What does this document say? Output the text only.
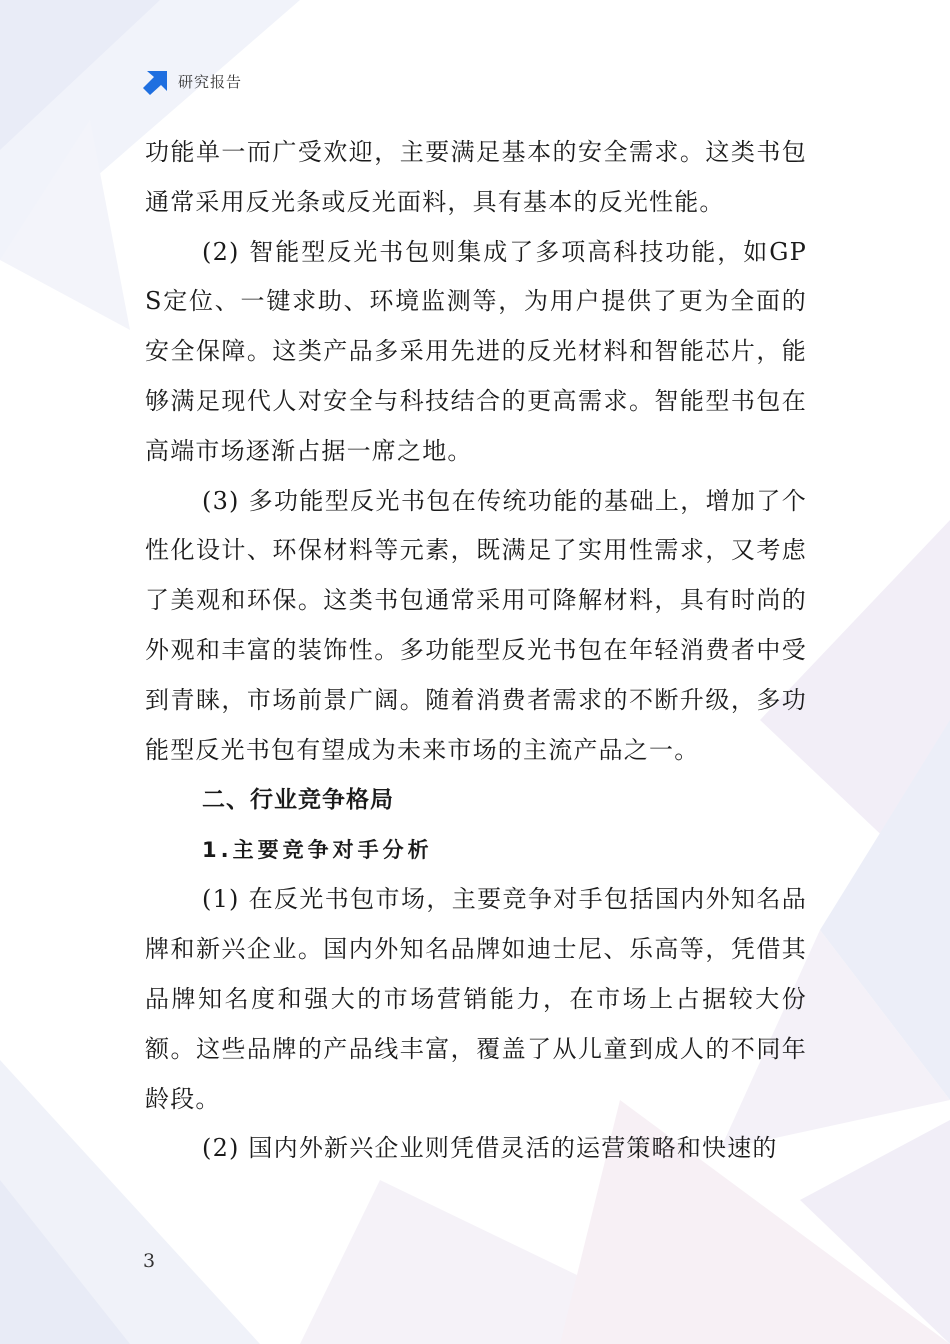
研究报告

功能单一而广受欢迎，主要满足基本的安全需求。这类书包通常采用反光条或反光面料，具有基本的反光性能。

(2) 智能型反光书包则集成了多项高科技功能，如GPS定位、一键求助、环境监测等，为用户提供了更为全面的安全保障。这类产品多采用先进的反光材料和智能芯片，能够满足现代人对安全与科技结合的更高需求。智能型书包在高端市场逐渐占据一席之地。

(3) 多功能型反光书包在传统功能的基础上，增加了个性化设计、环保材料等元素，既满足了实用性需求，又考虑了美观和环保。这类书包通常采用可降解材料，具有时尚的外观和丰富的装饰性。多功能型反光书包在年轻消费者中受到青睐，市场前景广阔。随着消费者需求的不断升级，多功能型反光书包有望成为未来市场的主流产品之一。

二、行业竞争格局
1.主要竞争对手分析

(1) 在反光书包市场，主要竞争对手包括国内外知名品牌和新兴企业。国内外知名品牌如迪士尼、乐高等，凭借其品牌知名度和强大的市场营销能力，在市场上占据较大份额。这些品牌的产品线丰富，覆盖了从儿童到成人的不同年龄段。

(2) 国内外新兴企业则凭借灵活的运营策略和快速的

3
